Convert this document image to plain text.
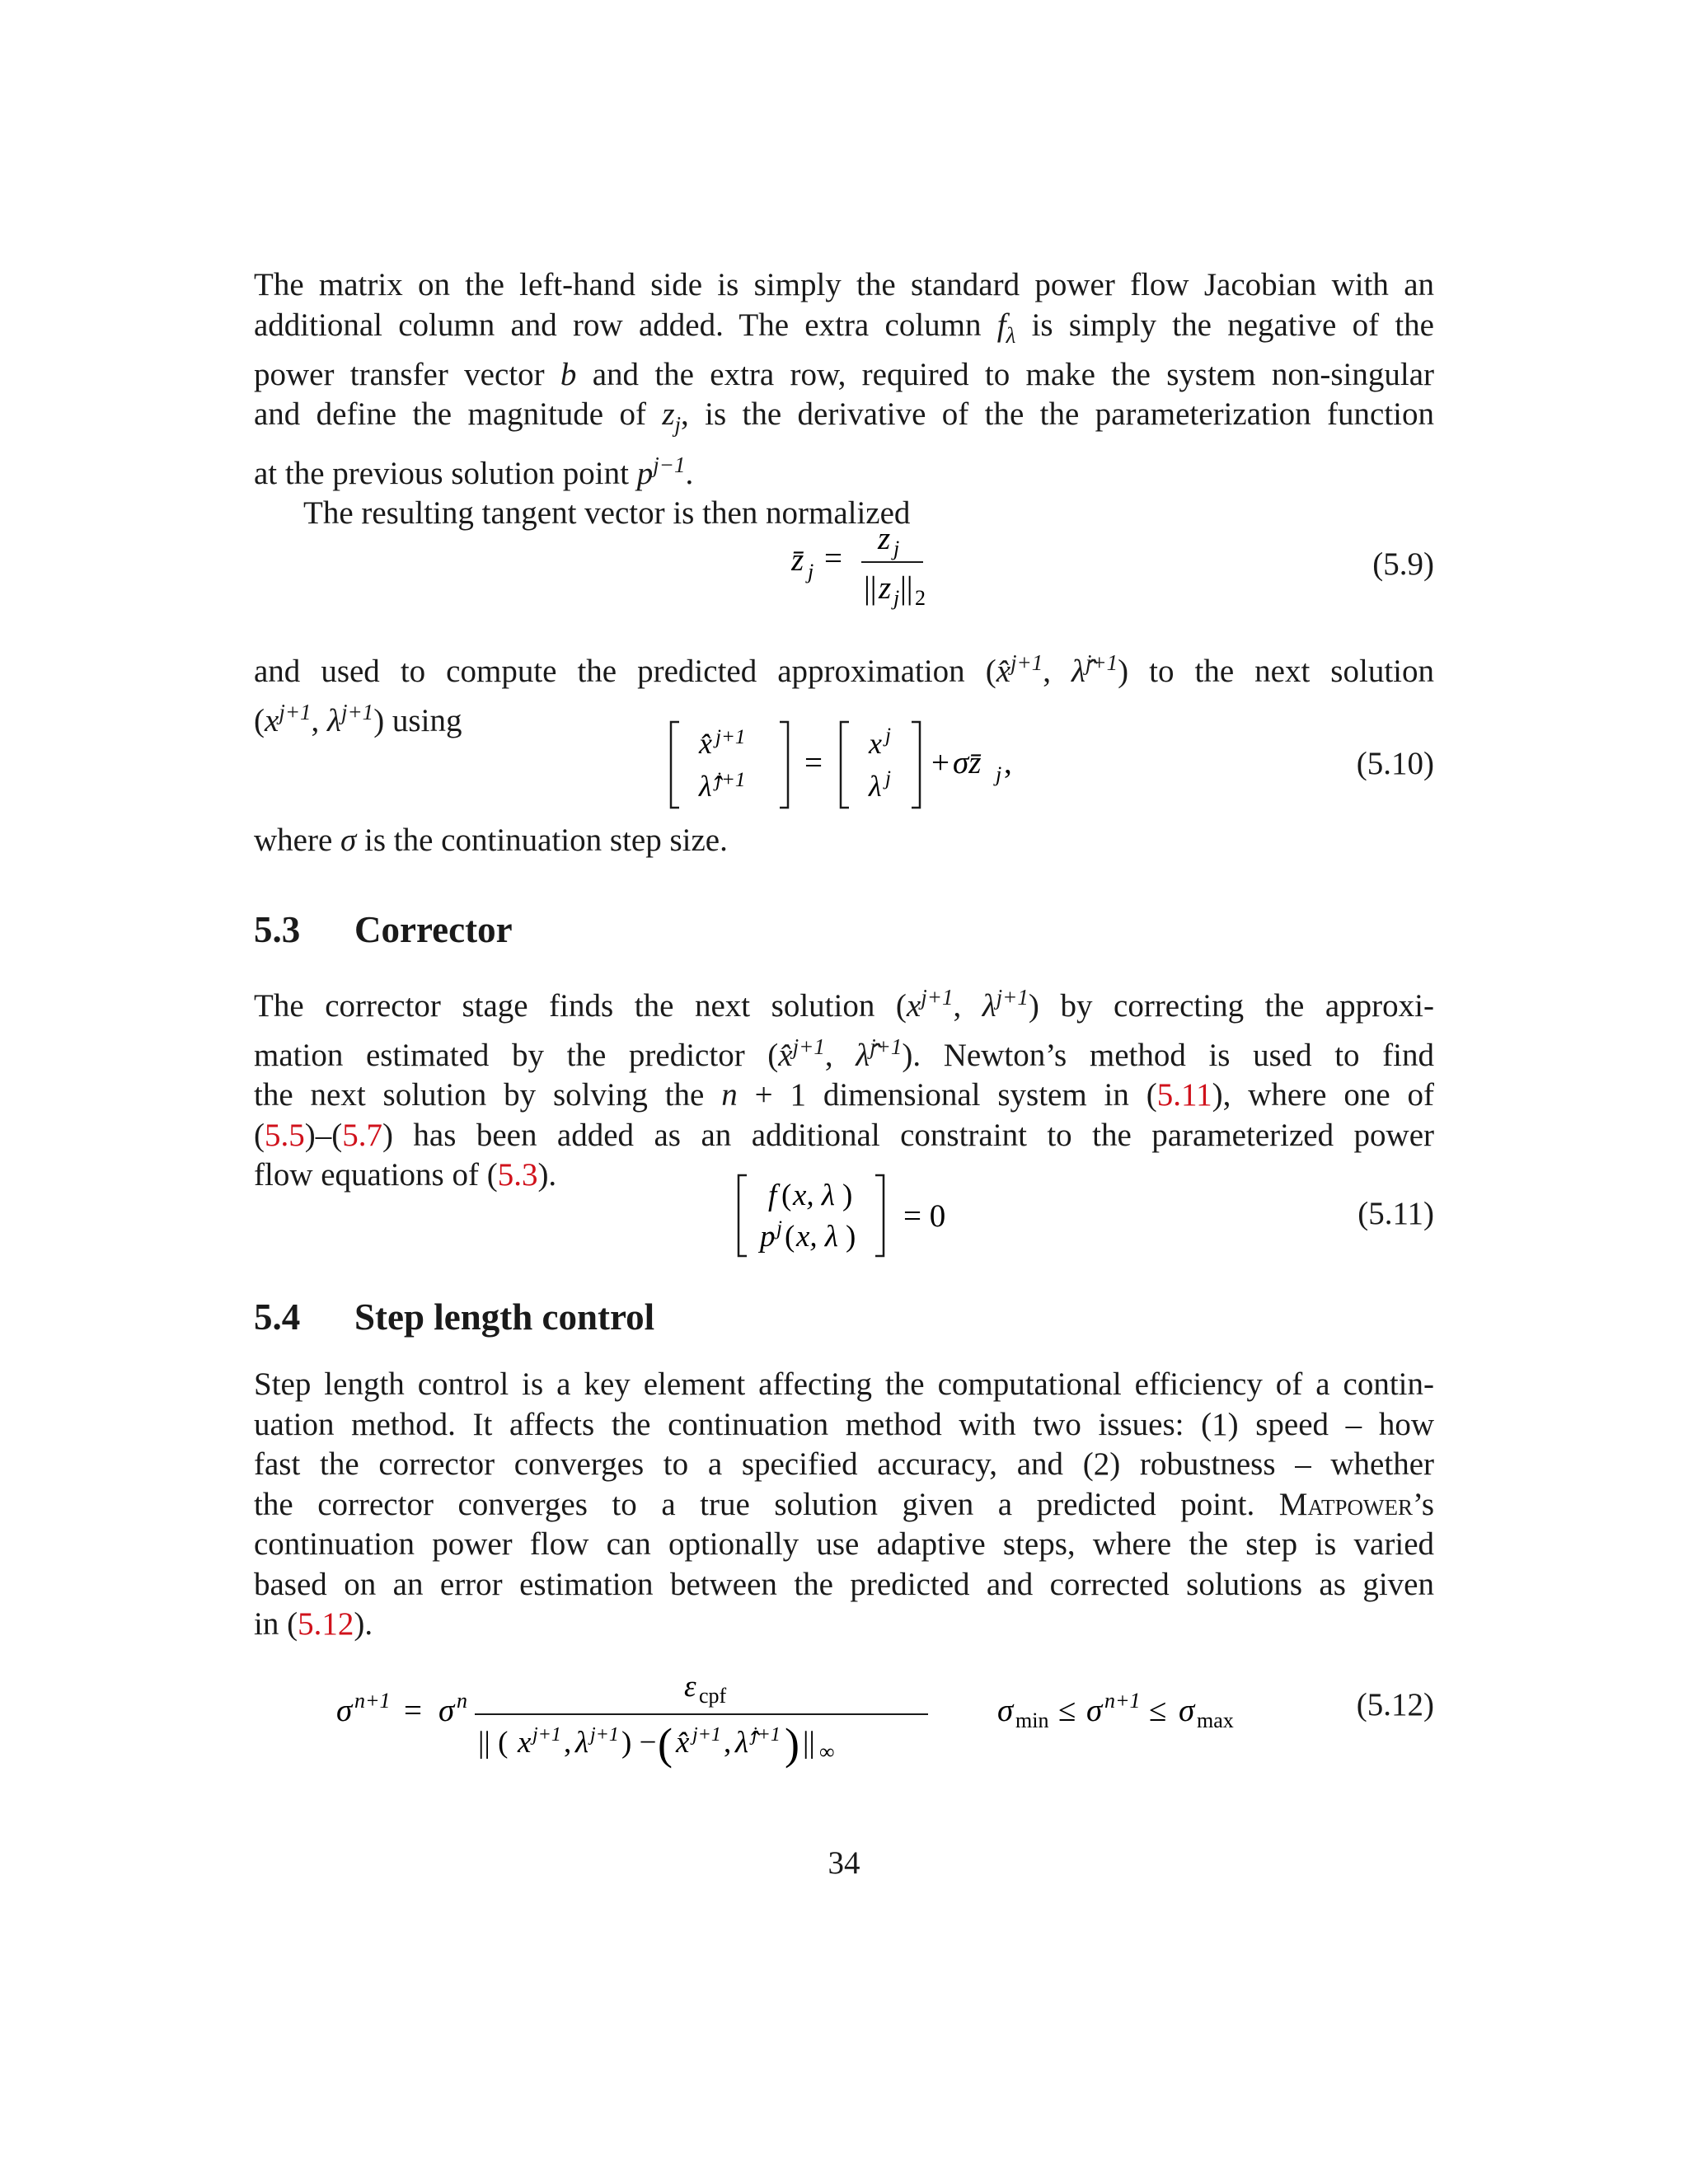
The matrix on the left-hand side is simply the standard power flow Jacobian with an
additional column and row added. The extra column $f_\lambda$ is simply the negative of the
power transfer vector b and the extra row, required to make the system non-singular
and define the magnitude of $z_j$, is the derivative of the the parameterization function
at the previous solution point $p^{j-1}$.
The resulting tangent vector is then normalized
z̄ j =
z j
|| z j || 2
(5.9)
and used to compute the predicted approximation (x̂$^{j+1}$, λ̂$^{j+1}$) to the next solution
($x^{j+1}$, $\lambda^{j+1}$) using
x̂ j+1
λ̂ j+1 =
x j
λ j + σz̄ j ,	(5.10)
where σ is the continuation step size.
5.3 Corrector
The corrector stage finds the next solution ($x^{j+1}$, $\lambda^{j+1}$) by correcting the approxi-
mation estimated by the predictor (x̂$^{j+1}$, λ̂$^{j+1}$). Newton’s method is used to find
the next solution by solving the n + 1 dimensional system in (5.11), where one of
(5.5)–(5.7) has been added as an additional constraint to the parameterized power
flow equations of (5.3).
f ( x, λ )
p j ( x, λ )
= 0	(5.11)
5.4 Step length control
Step length control is a key element affecting the computational efficiency of a contin-
uation method. It affects the continuation method with two issues: (1) speed – how
fast the corrector converges to a specified accuracy, and (2) robustness – whether
the corrector converges to a true solution given a predicted point. Matpower’s
continuation power flow can optionally use adaptive steps, where the step is varied
based on an error estimation between the predicted and corrected solutions as given
in (5.12).
σ n+1 = σ n	ε cpf
|| ( x j+1 , λ j+1 ) − ( x̂ j+1 , λ̂ j+1 ) || ∞
σ min ≤ σ n+1 ≤ σ max	(5.12)
34
